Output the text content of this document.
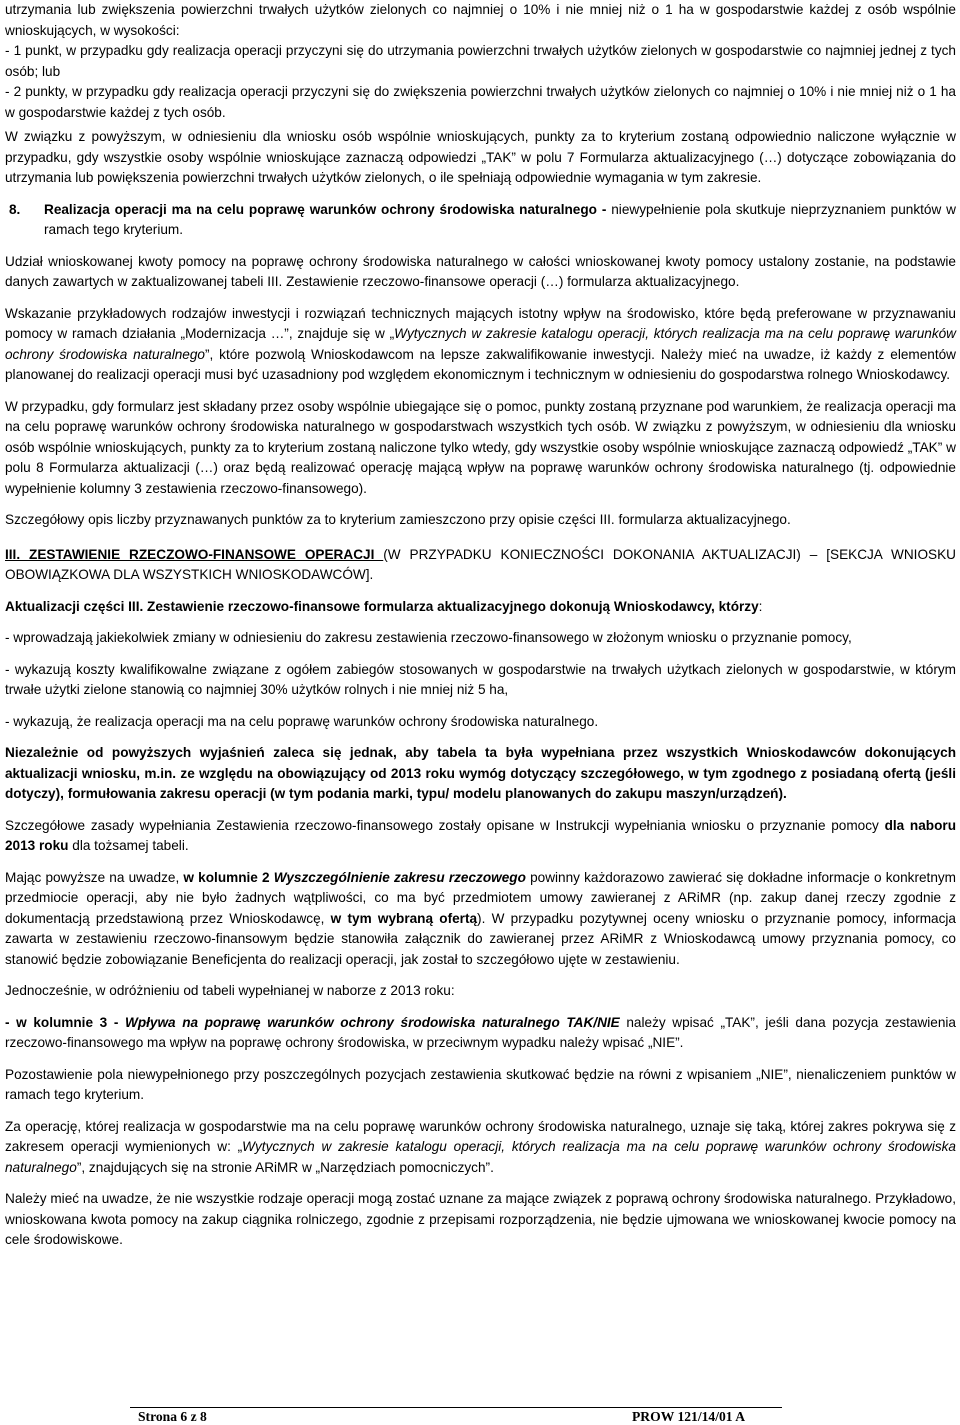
utrzymania lub zwiększenia powierzchni trwałych użytków zielonych co najmniej o 10% i nie mniej niż o 1 ha w gospodarstwie każdej z osób wspólnie wnioskujących, w wysokości:

- 1 punkt, w przypadku gdy realizacja operacji przyczyni się do utrzymania powierzchni trwałych użytków zielonych w gospodarstwie co najmniej jednej z tych osób; lub

- 2 punkty, w przypadku gdy realizacja operacji przyczyni się do zwiększenia powierzchni trwałych użytków zielonych co najmniej o 10% i nie mniej niż o 1 ha w gospodarstwie każdej z tych osób.

W związku z powyższym, w odniesieniu dla wniosku osób wspólnie wnioskujących, punkty za to kryterium zostaną odpowiednio naliczone wyłącznie w przypadku, gdy wszystkie osoby wspólnie wnioskujące zaznaczą odpowiedzi „TAK” w polu 7 Formularza aktualizacyjnego (…) dotyczące zobowiązania do utrzymania lub powiększenia powierzchni trwałych użytków zielonych, o ile spełniają odpowiednie wymagania w tym zakresie.

8.	Realizacja operacji ma na celu poprawę warunków ochrony środowiska naturalnego - niewypełnienie pola skutkuje nieprzyznaniem punktów w ramach tego kryterium.

Udział wnioskowanej kwoty pomocy na poprawę ochrony środowiska naturalnego w całości wnioskowanej kwoty pomocy ustalony zostanie, na podstawie danych zawartych w zaktualizowanej tabeli III. Zestawienie rzeczowo-finansowe operacji (…) formularza aktualizacyjnego.

Wskazanie przykładowych rodzajów inwestycji i rozwiązań technicznych mających istotny wpływ na środowisko, które będą preferowane w przyznawaniu pomocy w ramach działania „Modernizacja …”, znajduje się w „Wytycznych w zakresie katalogu operacji, których realizacja ma na celu poprawę warunków ochrony środowiska naturalnego”, które pozwolą Wnioskodawcom na lepsze zakwalifikowanie inwestycji. Należy mieć na uwadze, iż każdy z elementów planowanej do realizacji operacji musi być uzasadniony pod względem ekonomicznym i technicznym w odniesieniu do gospodarstwa rolnego Wnioskodawcy.

W przypadku, gdy formularz jest składany przez osoby wspólnie ubiegające się o pomoc, punkty zostaną przyznane pod warunkiem, że realizacja operacji ma na celu poprawę warunków ochrony środowiska naturalnego w gospodarstwach wszystkich tych osób. W związku z powyższym, w odniesieniu dla wniosku osób wspólnie wnioskujących, punkty za to kryterium zostaną naliczone tylko wtedy, gdy wszystkie osoby wspólnie wnioskujące zaznaczą odpowiedź „TAK” w polu 8 Formularza aktualizacji (…) oraz będą realizować operację mającą wpływ na poprawę warunków ochrony środowiska naturalnego (tj. odpowiednie wypełnienie kolumny 3 zestawienia rzeczowo-finansowego).

Szczegółowy opis liczby przyznawanych punktów za to kryterium zamieszczono przy opisie części III. formularza aktualizacyjnego.

III. ZESTAWIENIE RZECZOWO-FINANSOWE OPERACJI (W PRZYPADKU KONIECZNOŚCI DOKONANIA AKTUALIZACJI) – [SEKCJA WNIOSKU OBOWIĄZKOWA DLA WSZYSTKICH WNIOSKODAWCÓW].

Aktualizacji części III. Zestawienie rzeczowo-finansowe formularza aktualizacyjnego dokonują Wnioskodawcy, którzy:

- wprowadzają jakiekolwiek zmiany w odniesieniu do zakresu zestawienia rzeczowo-finansowego w złożonym wniosku o przyznanie pomocy,

- wykazują koszty kwalifikowalne związane z ogółem zabiegów stosowanych w gospodarstwie na trwałych użytkach zielonych w gospodarstwie, w którym trwałe użytki zielone stanowią co najmniej 30% użytków rolnych i nie mniej niż 5 ha,

- wykazują, że realizacja operacji ma na celu poprawę warunków ochrony środowiska naturalnego.

Niezależnie od powyższych wyjaśnień zaleca się jednak, aby tabela ta była wypełniana przez wszystkich Wnioskodawców dokonujących aktualizacji wniosku, m.in. ze względu na obowiązujący od 2013 roku wymóg dotyczący szczegółowego, w tym zgodnego z posiadaną ofertą (jeśli dotyczy), formułowania zakresu operacji (w tym podania marki, typu/ modelu planowanych do zakupu maszyn/urządzeń).

Szczegółowe zasady wypełniania Zestawienia rzeczowo-finansowego zostały opisane w Instrukcji wypełniania wniosku o przyznanie pomocy dla naboru 2013 roku dla tożsamej tabeli.

Mając powyższe na uwadze, w kolumnie 2 Wyszczególnienie zakresu rzeczowego powinny każdorazowo zawierać się dokładne informacje o konkretnym przedmiocie operacji, aby nie było żadnych wątpliwości, co ma być przedmiotem umowy zawieranej z ARiMR (np. zakup danej rzeczy zgodnie z dokumentacją przedstawioną przez Wnioskodawcę, w tym wybraną ofertą). W przypadku pozytywnej oceny wniosku o przyznanie pomocy, informacja zawarta w zestawieniu rzeczowo-finansowym będzie stanowiła załącznik do zawieranej przez ARiMR z Wnioskodawcą umowy przyznania pomocy, co stanowić będzie zobowiązanie Beneficjenta do realizacji operacji, jak został to szczegółowo ujęte w zestawieniu.

Jednocześnie, w odróżnieniu od tabeli wypełnianej w naborze z 2013 roku:

- w kolumnie 3 - Wpływa na poprawę warunków ochrony środowiska naturalnego TAK/NIE należy wpisać „TAK”, jeśli dana pozycja zestawienia rzeczowo-finansowego ma wpływ na poprawę ochrony środowiska, w przeciwnym wypadku należy wpisać „NIE”.

Pozostawienie pola niewypełnionego przy poszczególnych pozycjach zestawienia skutkować będzie na równi z wpisaniem „NIE”, nienaliczeniem punktów w ramach tego kryterium.

Za operację, której realizacja w gospodarstwie ma na celu poprawę warunków ochrony środowiska naturalnego, uznaje się taką, której zakres pokrywa się z zakresem operacji wymienionych w: „Wytycznych w zakresie katalogu operacji, których realizacja ma na celu poprawę warunków ochrony środowiska naturalnego”, znajdujących się na stronie ARiMR w „Narzędziach pomocniczych”.

Należy mieć na uwadze, że nie wszystkie rodzaje operacji mogą zostać uznane za mające związek z poprawą ochrony środowiska naturalnego. Przykładowo, wnioskowana kwota pomocy na zakup ciągnika rolniczego, zgodnie z przepisami rozporządzenia, nie będzie ujmowana we wnioskowanej kwocie pomocy na cele środowiskowe.

Strona 6 z 8	PROW 121/14/01 A
